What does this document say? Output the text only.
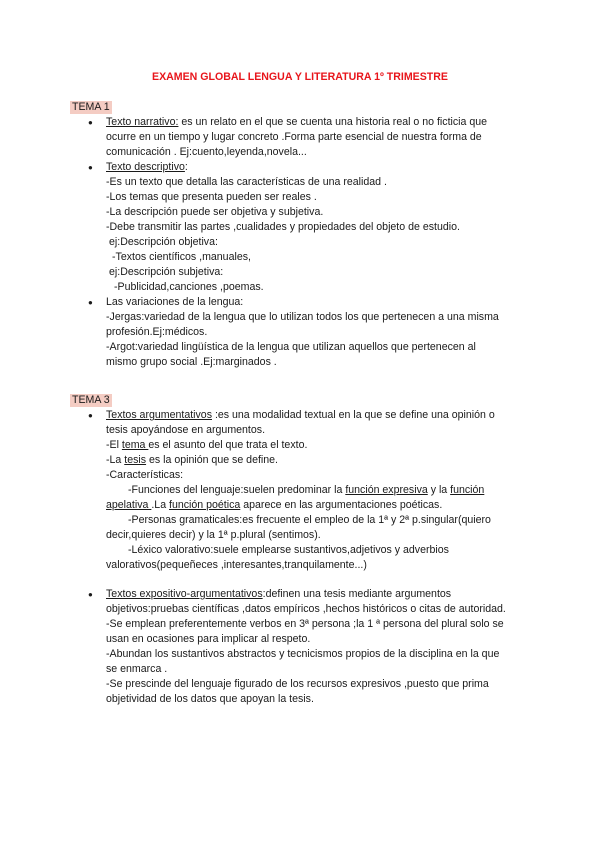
EXAMEN GLOBAL LENGUA Y LITERATURA 1º TRIMESTRE
TEMA 1
● Texto narrativo: es un relato en el que se cuenta una historia real o no ficticia que
ocurre en un tiempo y lugar concreto .Forma parte esencial de nuestra forma de
comunicación . Ej:cuento,leyenda,novela...
● Texto descriptivo:
-Es un texto que detalla las características de una realidad .
-Los temas que presenta pueden ser reales .
-La descripción puede ser objetiva y subjetiva.
-Debe transmitir las partes ,cualidades y propiedades del objeto de estudio.
ej:Descripción objetiva:
-Textos científicos ,manuales,
ej:Descripción subjetiva:
-Publicidad,canciones ,poemas.
● Las variaciones de la lengua:
-Jergas:variedad de la lengua que lo utilizan todos los que pertenecen a una misma
profesión.Ej:médicos.
-Argot:variedad lingüística de la lengua que utilizan aquellos que pertenecen al
mismo grupo social .Ej:marginados .
TEMA 3
● Textos argumentativos :es una modalidad textual en la que se define una opinión o
tesis apoyándose en argumentos.
-El tema es el asunto del que trata el texto.
-La tesis es la opinión que se define.
-Características:
-Funciones del lenguaje:suelen predominar la función expresiva y la función
apelativa .La función poética aparece en las argumentaciones poéticas.
-Personas gramaticales:es frecuente el empleo de la 1ª y 2ª p.singular(quiero
decir,quieres decir) y la 1ª p.plural (sentimos).
-Léxico valorativo:suele emplearse sustantivos,adjetivos y adverbios
valorativos(pequeñeces ,interesantes,tranquilamente...)
● Textos expositivo-argumentativos:definen una tesis mediante argumentos
objetivos:pruebas científicas ,datos empíricos ,hechos históricos o citas de autoridad.
-Se emplean preferentemente verbos en 3ª persona ;la 1 ª persona del plural solo se
usan en ocasiones para implicar al respeto.
-Abundan los sustantivos abstractos y tecnicismos propios de la disciplina en la que
se enmarca .
-Se prescinde del lenguaje figurado de los recursos expresivos ,puesto que prima
objetividad de los datos que apoyan la tesis.
